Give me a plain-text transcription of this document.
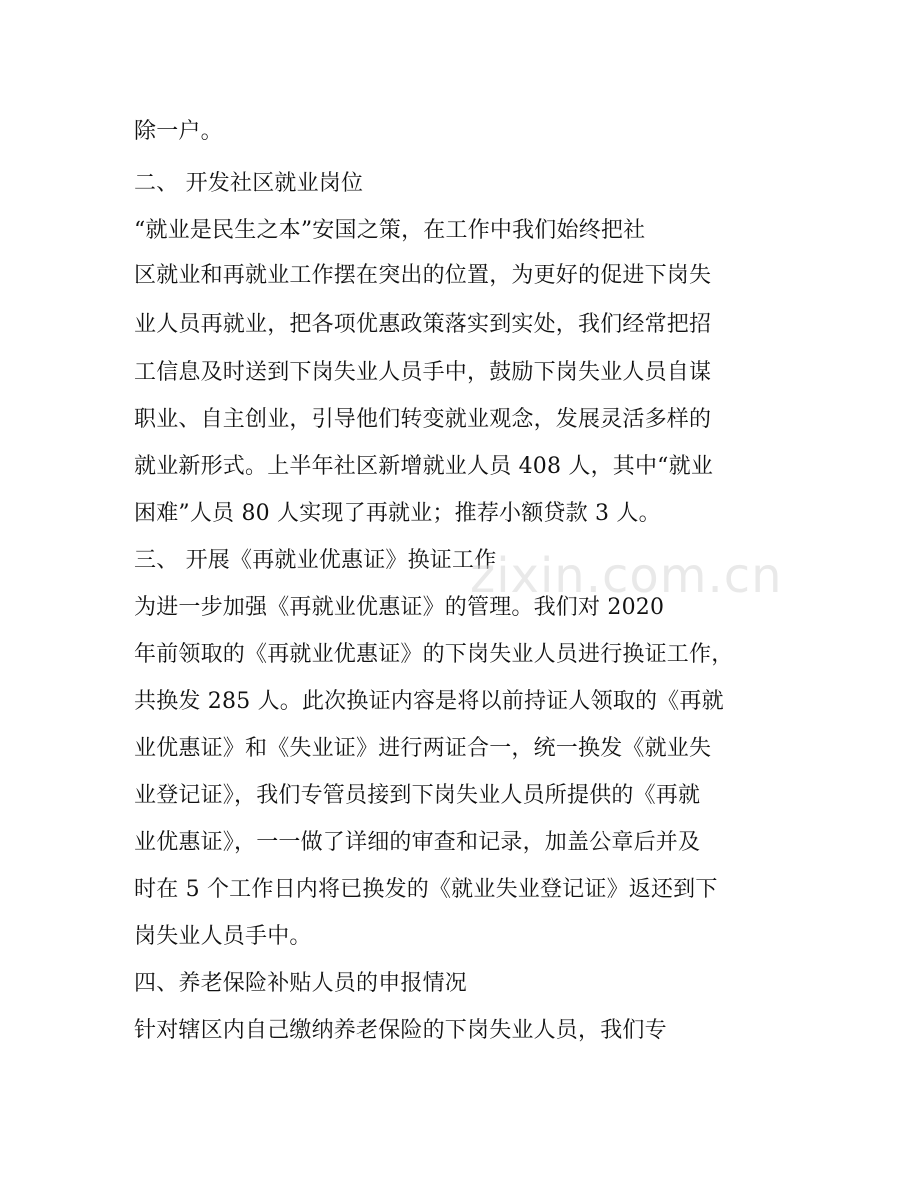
除一户。
二、 开发社区就业岗位
“就业是民生之本”安国之策，在工作中我们始终把社
区就业和再就业工作摆在突出的位置，为更好的促进下岗失
业人员再就业，把各项优惠政策落实到实处，我们经常把招
工信息及时送到下岗失业人员手中，鼓励下岗失业人员自谋
职业、自主创业，引导他们转变就业观念，发展灵活多样的
就业新形式。上半年社区新增就业人员 408 人，其中“就业
困难”人员 80 人实现了再就业；推荐小额贷款 3 人。
三、 开展《再就业优惠证》换证工作
为进一步加强《再就业优惠证》的管理。我们对 2020
年前领取的《再就业优惠证》的下岗失业人员进行换证工作，
共换发 285 人。此次换证内容是将以前持证人领取的《再就
业优惠证》和《失业证》进行两证合一，统一换发《就业失
业登记证》，我们专管员接到下岗失业人员所提供的《再就
业优惠证》，一一做了详细的审查和记录，加盖公章后并及
时在 5 个工作日内将已换发的《就业失业登记证》返还到下
岗失业人员手中。
四、养老保险补贴人员的申报情况
针对辖区内自己缴纳养老保险的下岗失业人员，我们专
zixin.com.cn
